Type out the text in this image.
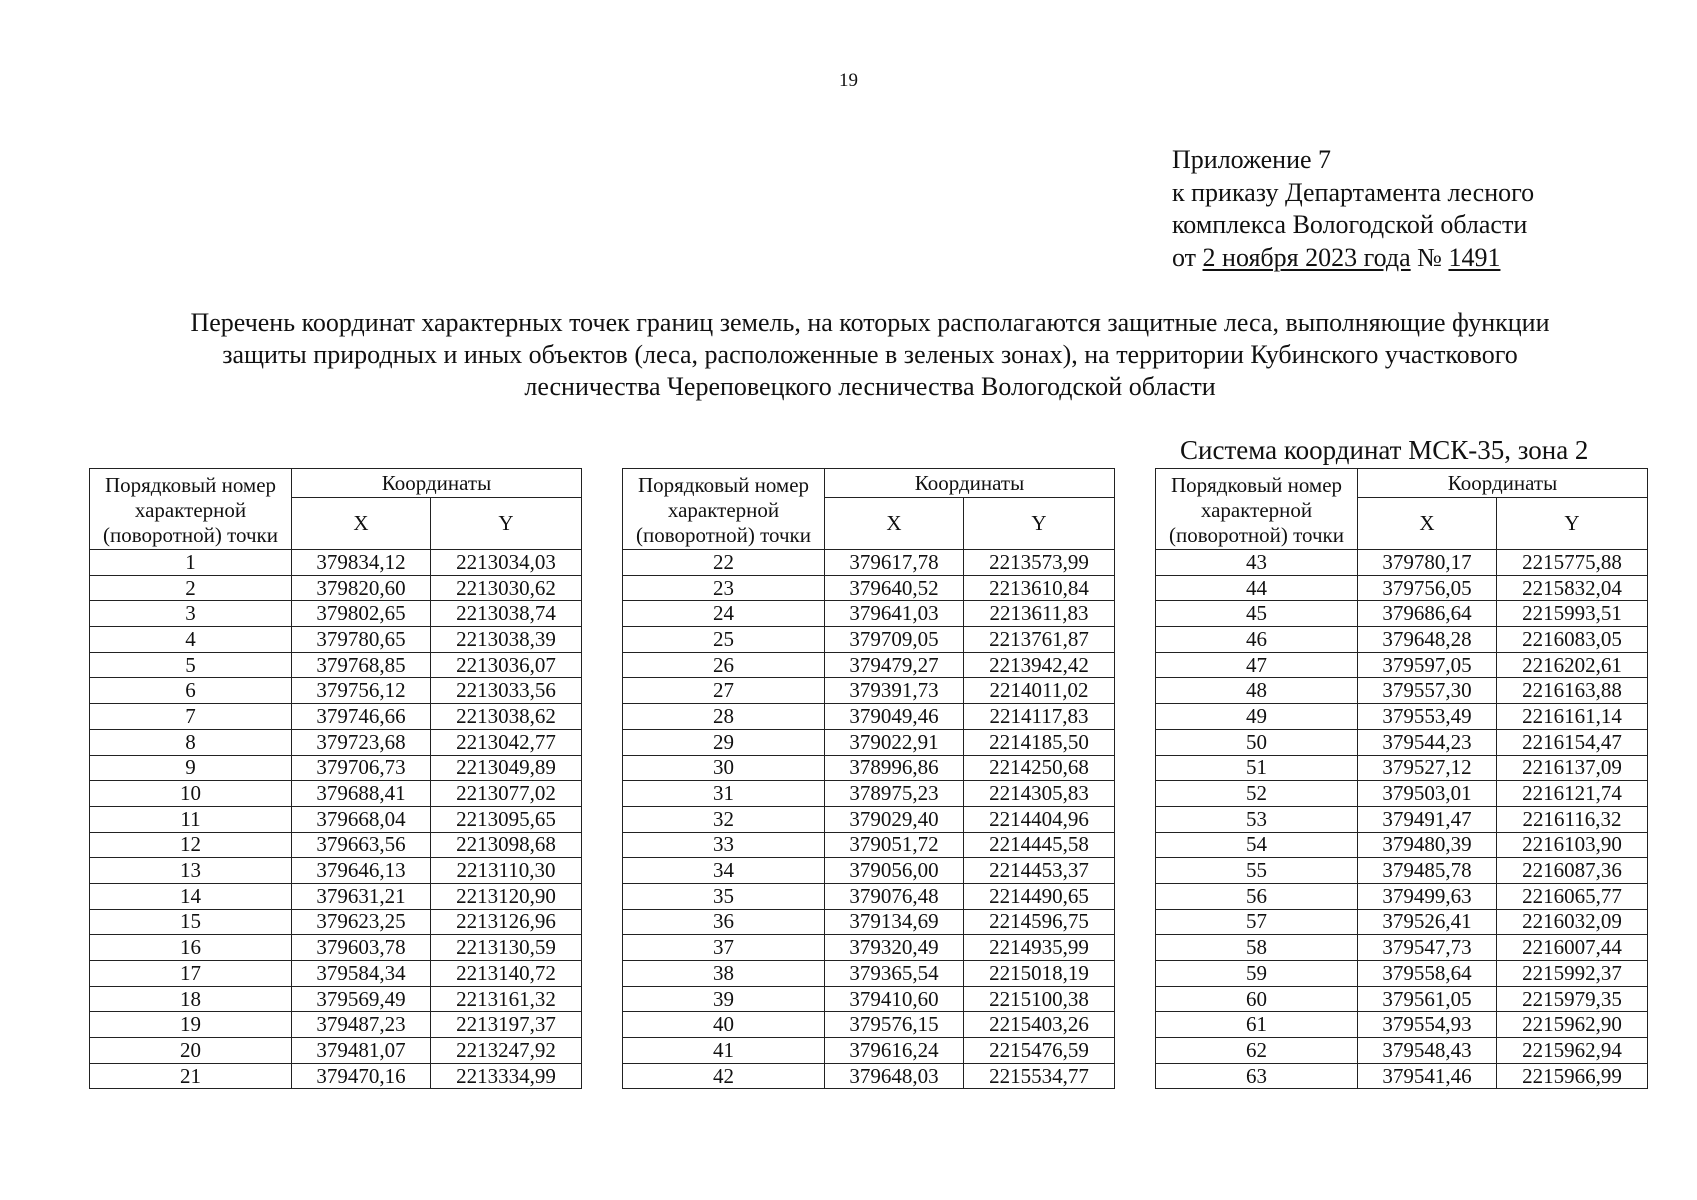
19
Приложение 7
к приказу Департамента лесного
комплекса Вологодской области
от 2 ноября 2023 года № 1491
Перечень координат характерных точек границ земель, на которых располагаются защитные леса, выполняющие функции
защиты природных и иных объектов (леса, расположенные в зеленых зонах), на территории Кубинского участкового
лесничества Череповецкого лесничества Вологодской области
Система координат МСК-35, зона 2
Порядковый номер характерной (поворотной) точки	Координаты	
	X	Y
1	379834,12	2213034,03
2	379820,60	2213030,62
3	379802,65	2213038,74
4	379780,65	2213038,39
5	379768,85	2213036,07
6	379756,12	2213033,56
7	379746,66	2213038,62
8	379723,68	2213042,77
9	379706,73	2213049,89
10	379688,41	2213077,02
11	379668,04	2213095,65
12	379663,56	2213098,68
13	379646,13	2213110,30
14	379631,21	2213120,90
15	379623,25	2213126,96
16	379603,78	2213130,59
17	379584,34	2213140,72
18	379569,49	2213161,32
19	379487,23	2213197,37
20	379481,07	2213247,92
21	379470,16	2213334,99
Порядковый номер характерной (поворотной) точки	Координаты	
	X	Y
22	379617,78	2213573,99
23	379640,52	2213610,84
24	379641,03	2213611,83
25	379709,05	2213761,87
26	379479,27	2213942,42
27	379391,73	2214011,02
28	379049,46	2214117,83
29	379022,91	2214185,50
30	378996,86	2214250,68
31	378975,23	2214305,83
32	379029,40	2214404,96
33	379051,72	2214445,58
34	379056,00	2214453,37
35	379076,48	2214490,65
36	379134,69	2214596,75
37	379320,49	2214935,99
38	379365,54	2215018,19
39	379410,60	2215100,38
40	379576,15	2215403,26
41	379616,24	2215476,59
42	379648,03	2215534,77
Порядковый номер характерной (поворотной) точки	Координаты	
	X	Y
43	379780,17	2215775,88
44	379756,05	2215832,04
45	379686,64	2215993,51
46	379648,28	2216083,05
47	379597,05	2216202,61
48	379557,30	2216163,88
49	379553,49	2216161,14
50	379544,23	2216154,47
51	379527,12	2216137,09
52	379503,01	2216121,74
53	379491,47	2216116,32
54	379480,39	2216103,90
55	379485,78	2216087,36
56	379499,63	2216065,77
57	379526,41	2216032,09
58	379547,73	2216007,44
59	379558,64	2215992,37
60	379561,05	2215979,35
61	379554,93	2215962,90
62	379548,43	2215962,94
63	379541,46	2215966,99
